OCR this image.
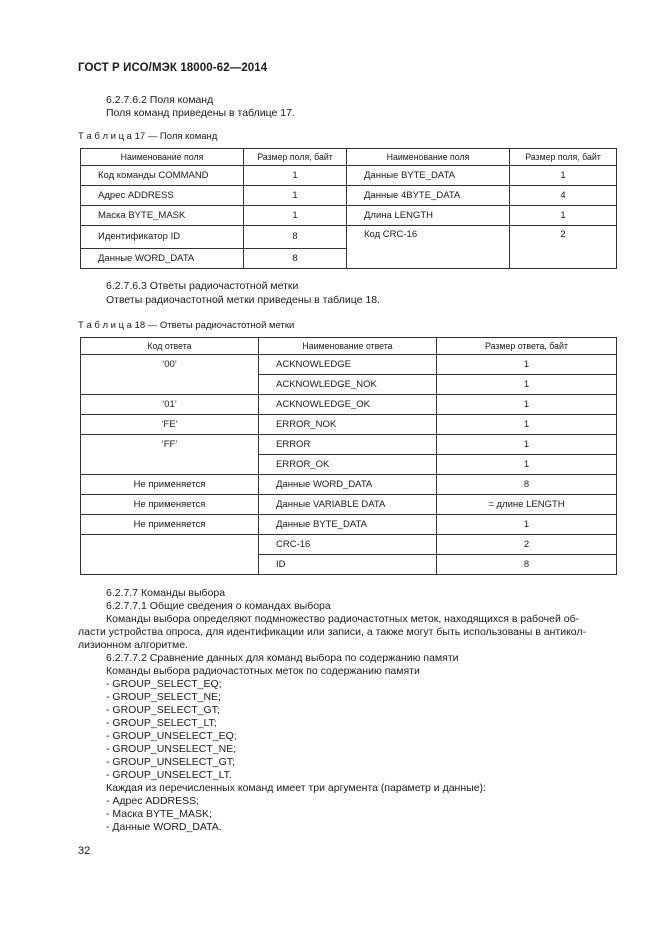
ГОСТ Р ИСО/МЭК 18000-62—2014
6.2.7.6.2 Поля команд
Поля команд приведены в таблице 17.
Т а б л и ц а 17 — Поля команд
Наименование поля	Размер поля, байт	Наименование поля	Размер поля, байт
Код команды COMMAND	1	Данные BYTE_DATA	1
Адрес ADDRESS	1	Данные 4BYTE_DATA	4
Маска BYTE_MASK	1	Длина LENGTH	1
Идентификатор ID	8	Код CRC-16	2
Данные WORD_DATA	8		
6.2.7.6.3 Ответы радиочастотной метки
Ответы радиочастотной метки приведены в таблице 18.
Т а б л и ц а 18 — Ответы радиочастотной метки
Код ответа	Наименование ответа	Размер ответа, байт
‘00’	ACKNOWLEDGE	1
	ACKNOWLEDGE_NOK	1
‘01’	ACKNOWLEDGE_OK	1
‘FE’	ERROR_NOK	1
‘FF’	ERROR	1
	ERROR_OK	1
Не применяется	Данные WORD_DATA	8
Не применяется	Данные VARIABLE DATA	= длине LENGTH
Не применяется	Данные BYTE_DATA	1
	CRC-16	2
	ID	8
6.2.7.7 Команды выбора
6.2.7.7.1 Общие сведения о командах выбора
Команды выбора определяют подмножество радиочастотных меток, находящихся в рабочей об-
ласти устройства опроса, для идентификации или записи, а также могут быть использованы в антикол-
лизионном алгоритме.
6.2.7.7.2 Сравнение данных для команд выбора по содержанию памяти
Команды выбора радиочастотных меток по содержанию памяти
- GROUP_SELECT_EQ;
- GROUP_SELECT_NE;
- GROUP_SELECT_GT;
- GROUP_SELECT_LT;
- GROUP_UNSELECT_EQ;
- GROUP_UNSELECT_NE;
- GROUP_UNSELECT_GT;
- GROUP_UNSELECT_LT.
Каждая из перечисленных команд имеет три аргумента (параметр и данные):
- Адрес ADDRESS;
- Маска BYTE_MASK;
- Данные WORD_DATA.
32
